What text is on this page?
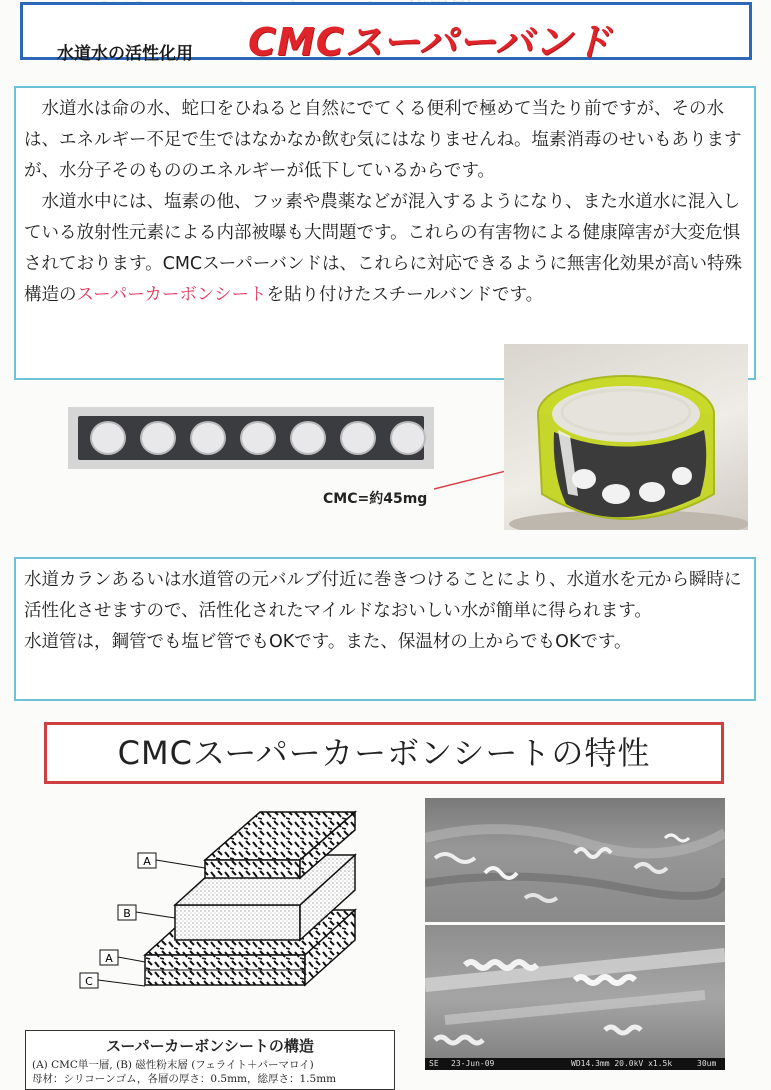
水道水の活性化用 CMCスーパーバンド

　水道水は命の水、蛇口をひねると自然にでてくる便利で極めて当たり前ですが、その水は、エネルギー不足で生ではなかなか飲む気にはなりませんね。塩素消毒のせいもありますが、水分子そのもののエネルギーが低下しているからです。

　水道水中には、塩素の他、フッ素や農薬などが混入するようになり、また水道水に混入している放射性元素による内部被曝も大問題です。これらの有害物による健康障害が大変危惧されております。CMCスーパーバンドは、これらに対応できるように無害化効果が高い特殊構造のスーパーカーボンシートを貼り付けたスチールバンドです。

CMC=約45mg

水道カランあるいは水道管の元バルブ付近に巻きつけることにより、水道水を元から瞬時に活性化させますので、活性化されたマイルドなおいしい水が簡単に得られます。

水道管は，鋼管でも塩ビ管でもOKです。また、保温材の上からでもOKです。

CMCスーパーカーボンシートの特性
A
B
A
C
スーパーカーボンシートの構造
(A) CMC単一層, (B) 磁性粉末層 (フェライト＋パーマロイ)
母材：シリコーンゴム，各層の厚さ：0.5mm，総厚さ：1.5mm
SE 23-Jun-09	WD14.3mm 20.0kV x1.5k	30um
